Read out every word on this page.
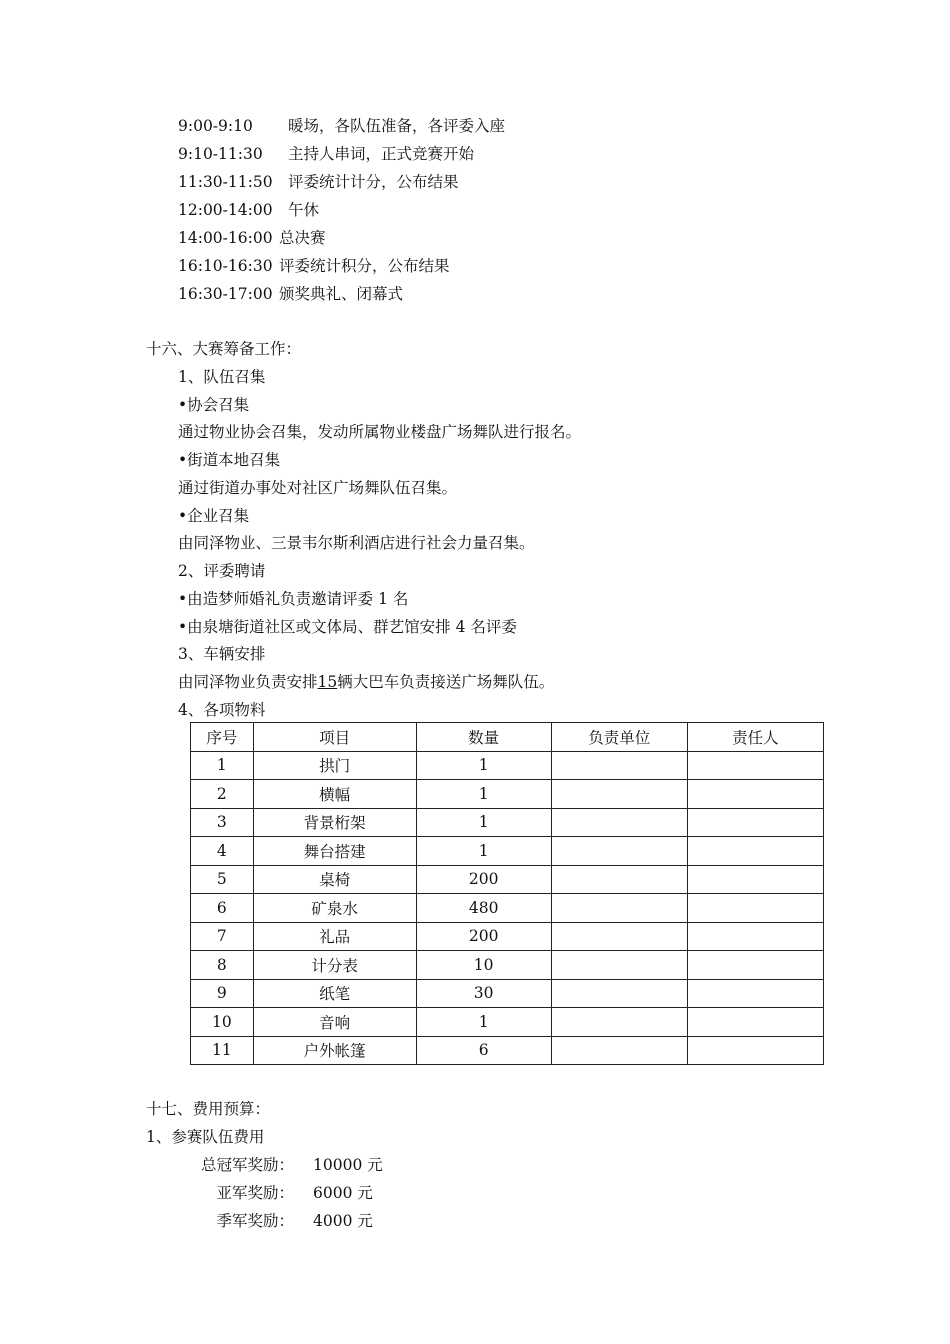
9:00-9:10 暖场，各队伍准备，各评委入座
9:10-11:30 主持人串词，正式竞赛开始
11:30-11:50 评委统计计分，公布结果
12:00-14:00 午休
14:00-16:00 总决赛
16:10-16:30 评委统计积分，公布结果
16:30-17:00 颁奖典礼、闭幕式
十六、大赛筹备工作：
1、队伍召集
•协会召集
通过物业协会召集，发动所属物业楼盘广场舞队进行报名。
•街道本地召集
通过街道办事处对社区广场舞队伍召集。
•企业召集
由同泽物业、三景韦尔斯利酒店进行社会力量召集。
2、评委聘请
•由造梦师婚礼负责邀请评委 1 名
•由泉塘街道社区或文体局、群艺馆安排 4 名评委
3、车辆安排
由同泽物业负责安排15辆大巴车负责接送广场舞队伍。
4、各项物料
序号	项目	数量	负责单位	责任人
1	拱门	1		
2	横幅	1		
3	背景桁架	1		
4	舞台搭建	1		
5	桌椅	200		
6	矿泉水	480		
7	礼品	200		
8	计分表	10		
9	纸笔	30		
10	音响	1		
11	户外帐篷	6		
十七、费用预算：
1、参赛队伍费用
总冠军奖励： 10000 元
亚军奖励： 6000 元
季军奖励： 4000 元
